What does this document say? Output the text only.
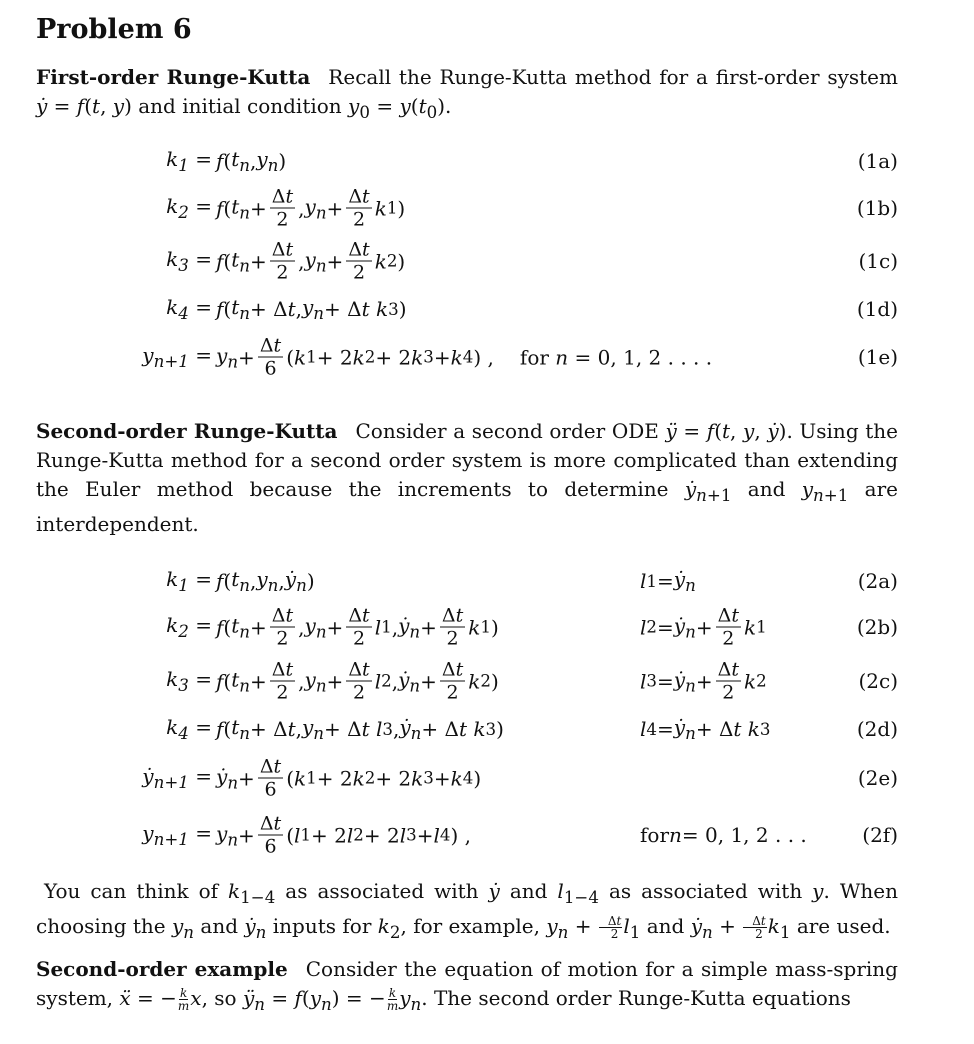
Problem 6

First-order Runge-Kutta Recall the Runge-Kutta method for a first-order system ẏ = f(t, y) and initial condition $y_0 = y(t_0)$.

$k_1 = f$ ( $t_n$ , $y_n$ )	(1a)
$k_2 = f$ ( $t_n + \frac{\Delta t}{2}$ , $y_n + \frac{\Delta t}{2}$ k 1 )	(1b)
$k_3 = f$ ( $t_n + \frac{\Delta t}{2}$ , $y_n + \frac{\Delta t}{2}$ k 2 )	(1c)
$k_4 = f$ ( $t_n + \Delta$ t , $y_n + \Delta$ t k 3 )	(1d)
$y_{n+1} = y_n + \frac{\Delta t}{6}$ ( k 1 + 2 k 2 + 2 k 3 + k 4 ) , for n = 0, 1, 2 . . . .	(1e)

Second-order Runge-Kutta Consider a second order ODE ÿ = f(t, y, ẏ). Using the Runge-Kutta method for a second order system is more complicated than extending the Euler method because the increments to determine ẏ$_{n+1}$ and $y_{n+1}$ are interdependent.

$k_1 = f$ ( $t_n$ , $y_n$ , ẏ$_n$ )	l 1 = ẏ$_n$	(2a)
$k_2 = f$ ( $t_n + \frac{\Delta t}{2}$ , $y_n + \frac{\Delta t}{2}$ l 1 , ẏ$_n$ + $\frac{\Delta t}{2}$ k 1 )	l 2 = ẏ$_n$ + $\frac{\Delta t}{2}$ k 1	(2b)
$k_3 = f$ ( $t_n + \frac{\Delta t}{2}$ , $y_n + \frac{\Delta t}{2}$ l 2 , ẏ$_n$ + $\frac{\Delta t}{2}$ k 2 )	l 3 = ẏ$_n$ + $\frac{\Delta t}{2}$ k 2	(2c)
$k_4 = f$ ( $t_n + \Delta$ t , $y_n + \Delta$ t l 3 , ẏ$_n$ + Δ t k 3 )	l 4 = ẏ$_n$ + Δ t k 3	(2d)
ẏ$_{n+1}$ = ẏ$_n$ + $\frac{\Delta t}{6}$ ( k 1 + 2 k 2 + 2 k 3 + k 4 )	(2e)
$y_{n+1} = y_n + \frac{\Delta t}{6}$ ( l 1 + 2 l 2 + 2 l 3 + l 4 ) ,	for n = 0, 1, 2 . . .	(2f)

You can think of $k_{1-4}$ as associated with ẏ and $l_{1-4}$ as associated with y. When choosing the $y_n$ and ẏ$_n$ inputs for $k_2$, for example, $y_n + \frac{\Delta t}{2} l_1$ and ẏ$_n$ + $\frac{\Delta t}{2} k_1$ are used.

Second-order example Consider the equation of motion for a simple mass-spring system, ẍ = − $\frac{k}{m} x$, so $ÿ_n = f(y_n)$ = − $\frac{k}{m} y_n$. The second order Runge-Kutta equations
